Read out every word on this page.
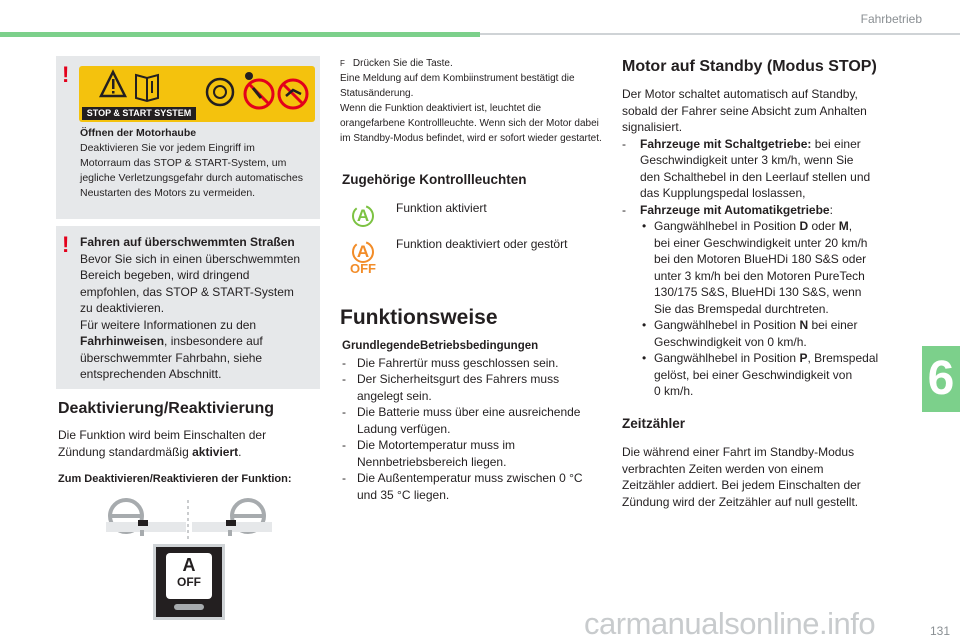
Fahrbetrieb
6
!
STOP & START SYSTEM
Öffnen der Motorhaube
Deaktivieren Sie vor jedem Eingriff im
Motorraum das STOP & START-System, um
jegliche Verletzungsgefahr durch automatisches
Neustarten des Motors zu vermeiden.
! Fahren auf überschwemmten Straßen
Bevor Sie sich in einen überschwemmten
Bereich begeben, wird dringend
empfohlen, das STOP & START-System
zu deaktivieren.
Für weitere Informationen zu den
Fahrhinweisen, insbesondere auf
überschwemmter Fahrbahn, siehe
entsprechenden Abschnitt.
Deaktivierung/Reaktivierung
Die Funktion wird beim Einschalten der
Zündung standardmäßig aktiviert.
Zum Deaktivieren/Reaktivieren der Funktion:
A
OFF
F Drücken Sie die Taste.
Eine Meldung auf dem Kombiinstrument bestätigt die
Statusänderung.
Wenn die Funktion deaktiviert ist, leuchtet die
orangefarbene Kontrollleuchte. Wenn sich der Motor dabei
im Standby-Modus befindet, wird er sofort wieder gestartet.
Zugehörige Kontrollleuchten
A	Funktion aktiviert
A
OFF
Funktion deaktiviert oder gestört
Funktionsweise
GrundlegendeBetriebsbedingungen
- Die Fahrertür muss geschlossen sein.
- Der Sicherheitsgurt des Fahrers muss
angelegt sein.
- Die Batterie muss über eine ausreichende
Ladung verfügen.
- Die Motortemperatur muss im
Nennbetriebsbereich liegen.
- Die Außentemperatur muss zwischen 0 °C
und 35 °C liegen.
Motor auf Standby (Modus STOP)
Der Motor schaltet automatisch auf Standby,
sobald der Fahrer seine Absicht zum Anhalten
signalisiert.
- Fahrzeuge mit Schaltgetriebe: bei einer
Geschwindigkeit unter 3 km/h, wenn Sie
den Schalthebel in den Leerlauf stellen und
das Kupplungspedal loslassen,
- Fahrzeuge mit Automatikgetriebe:
• Gangwählhebel in Position D oder M,
bei einer Geschwindigkeit unter 20 km/h
bei den Motoren BlueHDi 180 S&S oder
unter 3 km/h bei den Motoren PureTech
130/175 S&S, BlueHDi 130 S&S, wenn
Sie das Bremspedal durchtreten.
• Gangwählhebel in Position N bei einer
Geschwindigkeit von 0 km/h.
• Gangwählhebel in Position P, Bremspedal
gelöst, bei einer Geschwindigkeit von
0 km/h.
Zeitzähler
Die während einer Fahrt im Standby-Modus
verbrachten Zeiten werden von einem
Zeitzähler addiert. Bei jedem Einschalten der
Zündung wird der Zeitzähler auf null gestellt.
carmanualsonline.info	131
